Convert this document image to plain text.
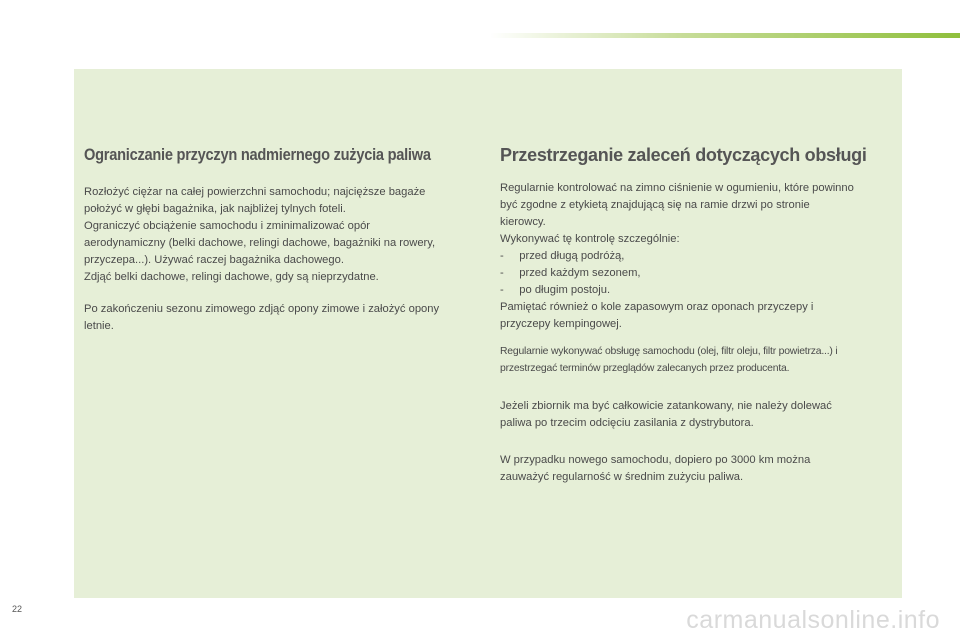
Ograniczanie przyczyn nadmiernego zużycia paliwa

Rozłożyć ciężar na całej powierzchni samochodu; najcięższe bagaże
położyć w głębi bagażnika, jak najbliżej tylnych foteli.
Ograniczyć obciążenie samochodu i zminimalizować opór
aerodynamiczny (belki dachowe, relingi dachowe, bagażniki na rowery,
przyczepa...). Używać raczej bagażnika dachowego.
Zdjąć belki dachowe, relingi dachowe, gdy są nieprzydatne.

Po zakończeniu sezonu zimowego zdjąć opony zimowe i założyć opony
letnie.

Przestrzeganie zaleceń dotyczących obsługi

Regularnie kontrolować na zimno ciśnienie w ogumieniu, które powinno
być zgodne z etykietą znajdującą się na ramie drzwi po stronie
kierowcy.
Wykonywać tę kontrolę szczególnie:
-     przed długą podróżą,
-     przed każdym sezonem,
-     po długim postoju.
Pamiętać również o kole zapasowym oraz oponach przyczepy i
przyczepy kempingowej.

Regularnie wykonywać obsługę samochodu (olej, filtr oleju, filtr powietrza...) i
przestrzegać terminów przeglądów zalecanych przez producenta.

Jeżeli zbiornik ma być całkowicie zatankowany, nie należy dolewać
paliwa po trzecim odcięciu zasilania z dystrybutora.

W przypadku nowego samochodu, dopiero po 3000 km można
zauważyć regularność w średnim zużyciu paliwa.

22	carmanualsonline.info
